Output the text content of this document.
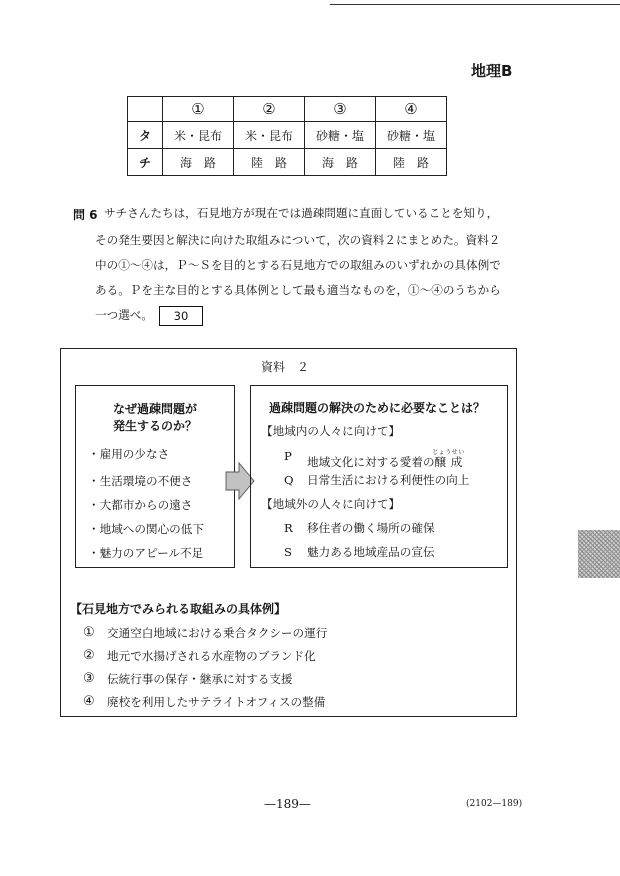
地理B
	①	②	③	④
タ	米・昆布	米・昆布	砂糖・塩	砂糖・塩
チ	海　路	陸　路	海　路	陸　路
問 6 サチさんたちは，石見地方が現在では過疎問題に直面していることを知り，
その発生要因と解決に向けた取組みについて，次の資料２にまとめた。資料２
中の①～④は，Ｐ～Ｓを目的とする石見地方での取組みのいずれかの具体例で
ある。Ｐを主な目的とする具体例として最も適当なものを，①～④のうちから
一つ選べ。 30
資料　２
なぜ過疎問題が
発生するのか？
・雇用の少なさ
・生活環境の不便さ
・大都市からの遠さ
・地域への関心の低下
・魅力のアピール不足
過疎問題の解決のために必要なことは？
【地域内の人々に向けて】
P 地域文化に対する愛着の醸成じょうせい
Q 日常生活における利便性の向上
【地域外の人々に向けて】
R 移住者の働く場所の確保
S 魅力ある地域産品の宣伝
【石見地方でみられる取組みの具体例】
① 交通空白地域における乗合タクシーの運行
② 地元で水揚げされる水産物のブランド化
③ 伝統行事の保存・継承に対する支援
④ 廃校を利用したサテライトオフィスの整備
—189—	(2102—189)
